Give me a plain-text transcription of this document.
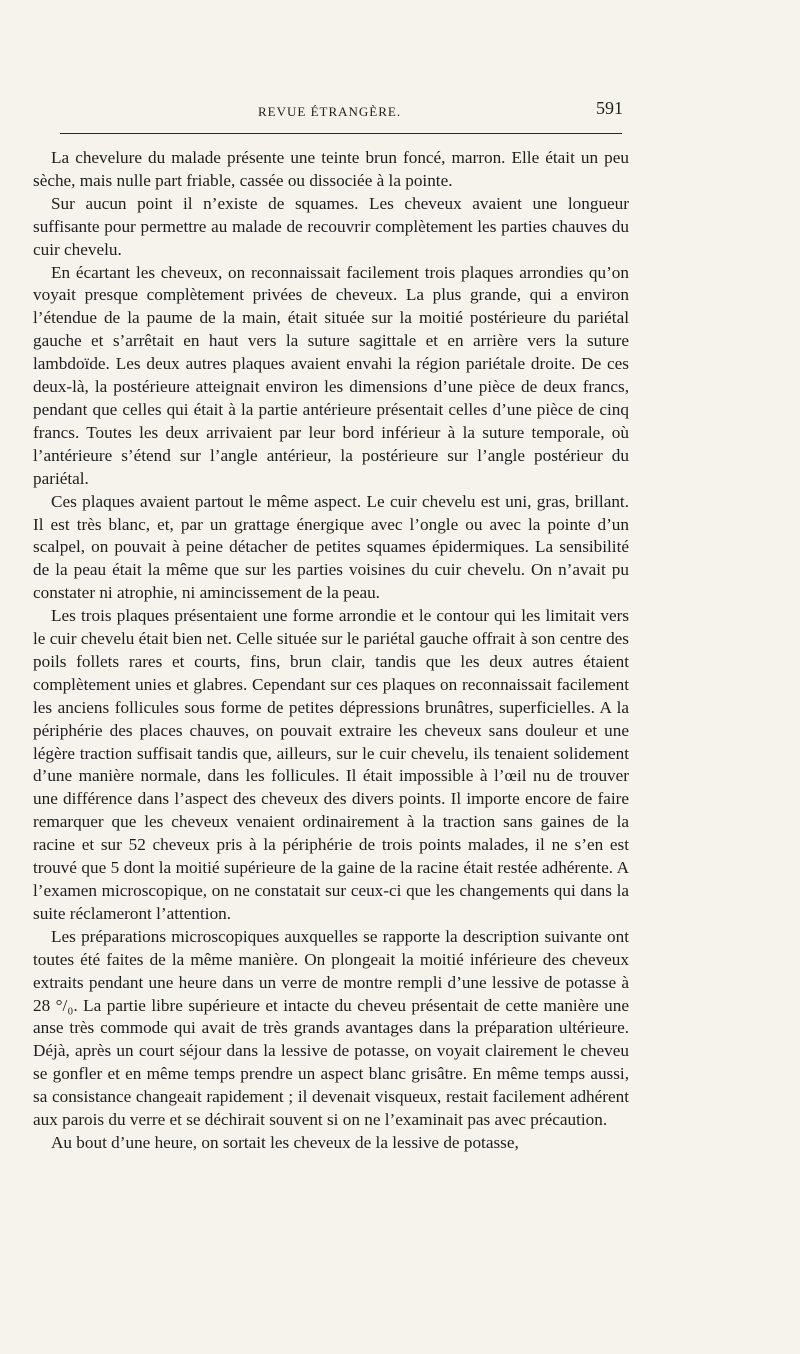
REVUE ÉTRANGÈRE.	591

La chevelure du malade présente une teinte brun foncé, marron. Elle était un peu sèche, mais nulle part friable, cassée ou dissociée à la pointe.

Sur aucun point il n’existe de squames. Les cheveux avaient une longueur suffisante pour permettre au malade de recouvrir complètement les parties chauves du cuir chevelu.

En écartant les cheveux, on reconnaissait facilement trois plaques arrondies qu’on voyait presque complètement privées de cheveux. La plus grande, qui a environ l’étendue de la paume de la main, était située sur la moitié postérieure du pariétal gauche et s’arrêtait en haut vers la suture sagittale et en arrière vers la suture lambdoïde. Les deux autres plaques avaient envahi la région pariétale droite. De ces deux-là, la postérieure atteignait environ les dimensions d’une pièce de deux francs, pendant que celles qui était à la partie antérieure présentait celles d’une pièce de cinq francs. Toutes les deux arrivaient par leur bord inférieur à la suture temporale, où l’antérieure s’étend sur l’angle antérieur, la postérieure sur l’angle postérieur du pariétal.

Ces plaques avaient partout le même aspect. Le cuir chevelu est uni, gras, brillant. Il est très blanc, et, par un grattage énergique avec l’ongle ou avec la pointe d’un scalpel, on pouvait à peine détacher de petites squames épidermiques. La sensibilité de la peau était la même que sur les parties voisines du cuir chevelu. On n’avait pu constater ni atrophie, ni amincissement de la peau.

Les trois plaques présentaient une forme arrondie et le contour qui les limitait vers le cuir chevelu était bien net. Celle située sur le pariétal gauche offrait à son centre des poils follets rares et courts, fins, brun clair, tandis que les deux autres étaient complètement unies et glabres. Cependant sur ces plaques on reconnaissait facilement les anciens follicules sous forme de petites dépressions brunâtres, superficielles. A la périphérie des places chauves, on pouvait extraire les cheveux sans douleur et une légère traction suffisait tandis que, ailleurs, sur le cuir chevelu, ils tenaient solidement d’une manière normale, dans les follicules. Il était impossible à l’œil nu de trouver une différence dans l’aspect des cheveux des divers points. Il importe encore de faire remarquer que les cheveux venaient ordinairement à la traction sans gaines de la racine et sur 52 cheveux pris à la périphérie de trois points malades, il ne s’en est trouvé que 5 dont la moitié supérieure de la gaine de la racine était restée adhérente. A l’examen microscopique, on ne constatait sur ceux-ci que les changements qui dans la suite réclameront l’attention.

Les préparations microscopiques auxquelles se rapporte la description suivante ont toutes été faites de la même manière. On plongeait la moitié inférieure des cheveux extraits pendant une heure dans un verre de montre rempli d’une lessive de potasse à 28 °/₀. La partie libre supérieure et intacte du cheveu présentait de cette manière une anse très commode qui avait de très grands avantages dans la préparation ultérieure. Déjà, après un court séjour dans la lessive de potasse, on voyait clairement le cheveu se gonfler et en même temps prendre un aspect blanc grisâtre. En même temps aussi, sa consistance changeait rapidement ; il devenait visqueux, restait facilement adhérent aux parois du verre et se déchirait souvent si on ne l’examinait pas avec précaution.

Au bout d’une heure, on sortait les cheveux de la lessive de potasse,
